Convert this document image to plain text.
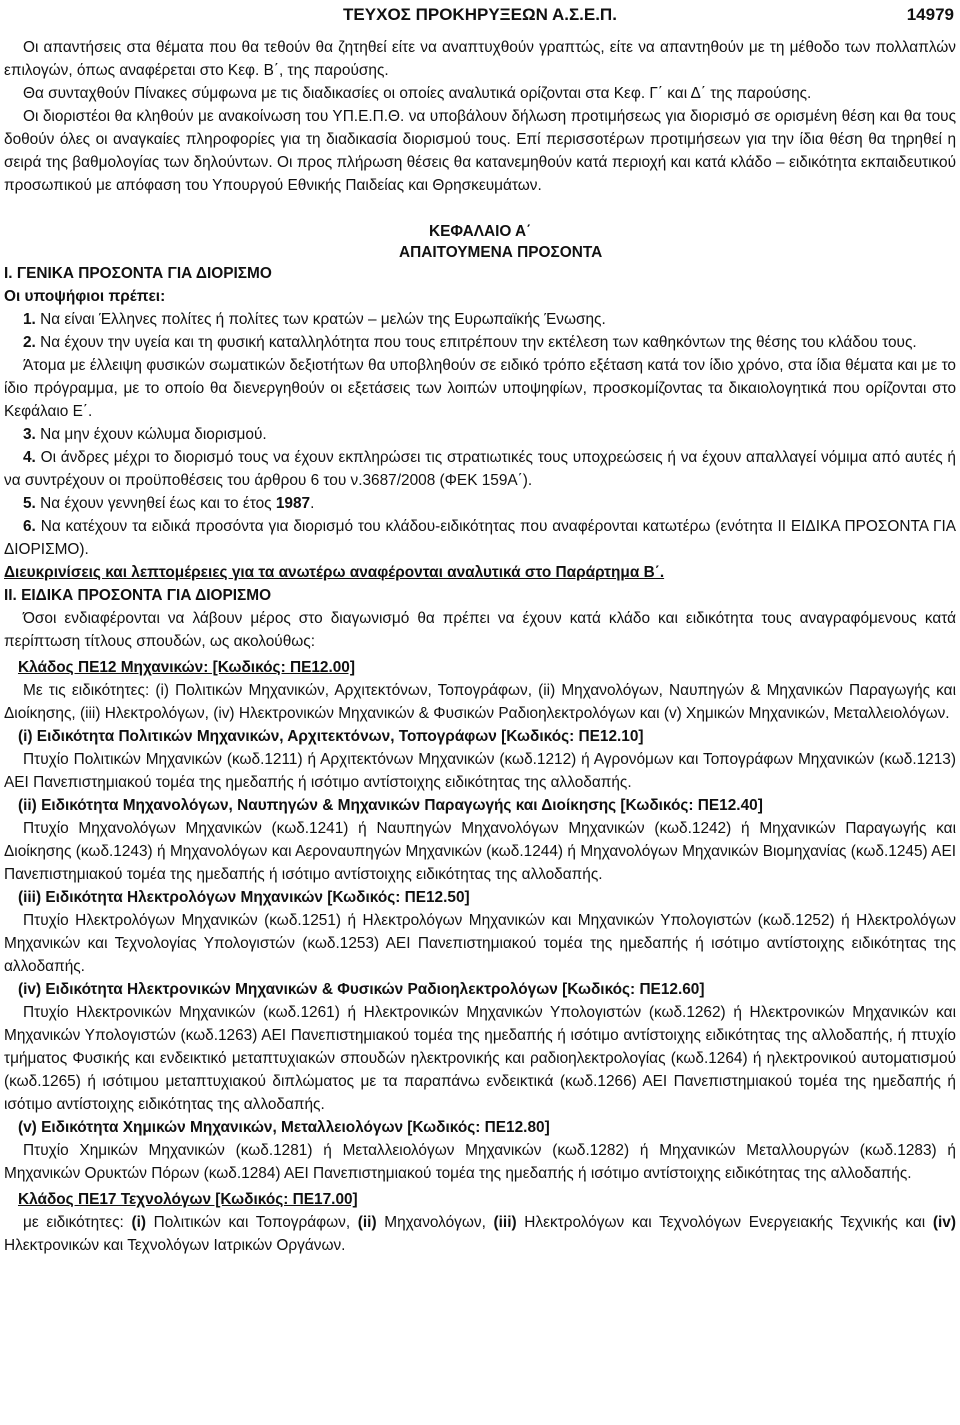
ΤΕΥΧΟΣ ΠΡΟΚΗΡΥΞΕΩΝ Α.Σ.Ε.Π.	14979

Οι απαντήσεις στα θέματα που θα τεθούν θα ζητηθεί είτε να αναπτυχθούν γραπτώς, είτε να απαντηθούν με τη μέθοδο των πολλαπλών επιλογών, όπως αναφέρεται στο Κεφ. Β΄, της παρούσης.

Θα συνταχθούν Πίνακες σύμφωνα με τις διαδικασίες οι οποίες αναλυτικά ορίζονται στα Κεφ. Γ΄ και Δ΄ της παρούσης.

Οι διοριστέοι θα κληθούν με ανακοίνωση του ΥΠ.Ε.Π.Θ. να υποβάλουν δήλωση προτιμήσεως για διορισμό σε ορισμένη θέση και θα τους δοθούν όλες οι αναγκαίες πληροφορίες για τη διαδικασία διορισμού τους. Επί περισσοτέρων προτιμήσεων για την ίδια θέση θα τηρηθεί η σειρά της βαθμολογίας των δηλούντων. Οι προς πλήρωση θέσεις θα κατανεμηθούν κατά περιοχή και κατά κλάδο – ειδικότητα εκπαιδευτικού προσωπικού με απόφαση του Υπουργού Εθνικής Παιδείας και Θρησκευμάτων.

ΚΕΦΑΛΑΙΟ Α΄
ΑΠΑΙΤΟΥΜΕΝΑ ΠΡΟΣΟΝΤΑ

Ι. ΓΕΝΙΚΑ ΠΡΟΣΟΝΤΑ ΓΙΑ ΔΙΟΡΙΣΜΟ

Οι υποψήφιοι πρέπει:

1. Να είναι Έλληνες πολίτες ή πολίτες των κρατών – μελών της Ευρωπαϊκής Ένωσης.

2. Να έχουν την υγεία και τη φυσική καταλληλότητα που τους επιτρέπουν την εκτέλεση των καθηκόντων της θέσης του κλάδου τους.

Άτομα με έλλειψη φυσικών σωματικών δεξιοτήτων θα υποβληθούν σε ειδικό τρόπο εξέταση κατά τον ίδιο χρόνο, στα ίδια θέματα και με το ίδιο πρόγραμμα, με το οποίο θα διενεργηθούν οι εξετάσεις των λοιπών υποψηφίων, προσκομίζοντας τα δικαιολογητικά που ορίζονται στο Κεφάλαιο Ε΄.

3. Να μην έχουν κώλυμα διορισμού.

4. Οι άνδρες μέχρι το διορισμό τους να έχουν εκπληρώσει τις στρατιωτικές τους υποχρεώσεις ή να έχουν απαλλαγεί νόμιμα από αυτές ή να συντρέχουν οι προϋποθέσεις του άρθρου 6 του ν.3687/2008 (ΦΕΚ 159Α΄).

5. Να έχουν γεννηθεί έως και το έτος 1987.

6. Να κατέχουν τα ειδικά προσόντα για διορισμό του κλάδου-ειδικότητας που αναφέρονται κατωτέρω (ενότητα ΙΙ ΕΙΔΙΚΑ ΠΡΟΣΟΝΤΑ ΓΙΑ ΔΙΟΡΙΣΜΟ).

Διευκρινίσεις και λεπτομέρειες για τα ανωτέρω αναφέρονται αναλυτικά στο Παράρτημα Β΄.

ΙΙ. ΕΙΔΙΚΑ ΠΡΟΣΟΝΤΑ ΓΙΑ ΔΙΟΡΙΣΜΟ

Όσοι ενδιαφέρονται να λάβουν μέρος στο διαγωνισμό θα πρέπει να έχουν κατά κλάδο και ειδικότητα τους αναγραφόμενους κατά περίπτωση τίτλους σπουδών, ως ακολούθως:

Κλάδος ΠΕ12 Μηχανικών: [Κωδικός: ΠΕ12.00]

Με τις ειδικότητες: (i) Πολιτικών Μηχανικών, Αρχιτεκτόνων, Τοπογράφων, (ii) Μηχανολόγων, Ναυπηγών & Μηχανικών Παραγωγής και Διοίκησης, (iii) Ηλεκτρολόγων, (iv) Ηλεκτρονικών Μηχανικών & Φυσικών Ραδιοηλεκτρολόγων και (v) Χημικών Μηχανικών, Μεταλλειολόγων.

(i) Ειδικότητα Πολιτικών Μηχανικών, Αρχιτεκτόνων, Τοπογράφων [Κωδικός: ΠΕ12.10]

Πτυχίο Πολιτικών Μηχανικών (κωδ.1211) ή Αρχιτεκτόνων Μηχανικών (κωδ.1212) ή Αγρονόμων και Τοπογράφων Μηχανικών (κωδ.1213) ΑΕΙ Πανεπιστημιακού τομέα της ημεδαπής ή ισότιμο αντίστοιχης ειδικότητας της αλλοδαπής.

(ii) Ειδικότητα Μηχανολόγων, Ναυπηγών & Μηχανικών Παραγωγής και Διοίκησης [Κωδικός: ΠΕ12.40]

Πτυχίο Μηχανολόγων Μηχανικών (κωδ.1241) ή Ναυπηγών Μηχανολόγων Μηχανικών (κωδ.1242) ή Μηχανικών Παραγωγής και Διοίκησης (κωδ.1243) ή Μηχανολόγων και Αεροναυπηγών Μηχανικών (κωδ.1244) ή Μηχανολόγων Μηχανικών Βιομηχανίας (κωδ.1245) ΑΕΙ Πανεπιστημιακού τομέα της ημεδαπής ή ισότιμο αντίστοιχης ειδικότητας της αλλοδαπής.

(iii) Ειδικότητα Ηλεκτρολόγων Μηχανικών [Κωδικός: ΠΕ12.50]

Πτυχίο Ηλεκτρολόγων Μηχανικών (κωδ.1251) ή Ηλεκτρολόγων Μηχανικών και Μηχανικών Υπολογιστών (κωδ.1252) ή Ηλεκτρολόγων Μηχανικών και Τεχνολογίας Υπολογιστών (κωδ.1253) ΑΕΙ Πανεπιστημιακού τομέα της ημεδαπής ή ισότιμο αντίστοιχης ειδικότητας της αλλοδαπής.

(iv) Ειδικότητα Ηλεκτρονικών Μηχανικών & Φυσικών Ραδιοηλεκτρολόγων [Κωδικός: ΠΕ12.60]

Πτυχίο Ηλεκτρονικών Μηχανικών (κωδ.1261) ή Ηλεκτρονικών Μηχανικών Υπολογιστών (κωδ.1262) ή Ηλεκτρονικών Μηχανικών και Μηχανικών Υπολογιστών (κωδ.1263) ΑΕΙ Πανεπιστημιακού τομέα της ημεδαπής ή ισότιμο αντίστοιχης ειδικότητας της αλλοδαπής, ή πτυχίο τμήματος Φυσικής και ενδεικτικό μεταπτυχιακών σπουδών ηλεκτρονικής και ραδιοηλεκτρολογίας (κωδ.1264) ή ηλεκτρονικού αυτοματισμού (κωδ.1265) ή ισότιμου μεταπτυχιακού διπλώματος με τα παραπάνω ενδεικτικά (κωδ.1266) ΑΕΙ Πανεπιστημιακού τομέα της ημεδαπής ή ισότιμο αντίστοιχης ειδικότητας της αλλοδαπής.

(v) Ειδικότητα Χημικών Μηχανικών, Μεταλλειολόγων [Κωδικός: ΠΕ12.80]

Πτυχίο Χημικών Μηχανικών (κωδ.1281) ή Μεταλλειολόγων Μηχανικών (κωδ.1282) ή Μηχανικών Μεταλλουργών (κωδ.1283) ή Μηχανικών Ορυκτών Πόρων (κωδ.1284) ΑΕΙ Πανεπιστημιακού τομέα της ημεδαπής ή ισότιμο αντίστοιχης ειδικότητας της αλλοδαπής.

Κλάδος ΠΕ17 Τεχνολόγων [Κωδικός: ΠΕ17.00]

με ειδικότητες: (i) Πολιτικών και Τοπογράφων, (ii) Μηχανολόγων, (iii) Ηλεκτρολόγων και Τεχνολόγων Ενεργειακής Τεχνικής και (iv) Ηλεκτρονικών και Τεχνολόγων Ιατρικών Οργάνων.
